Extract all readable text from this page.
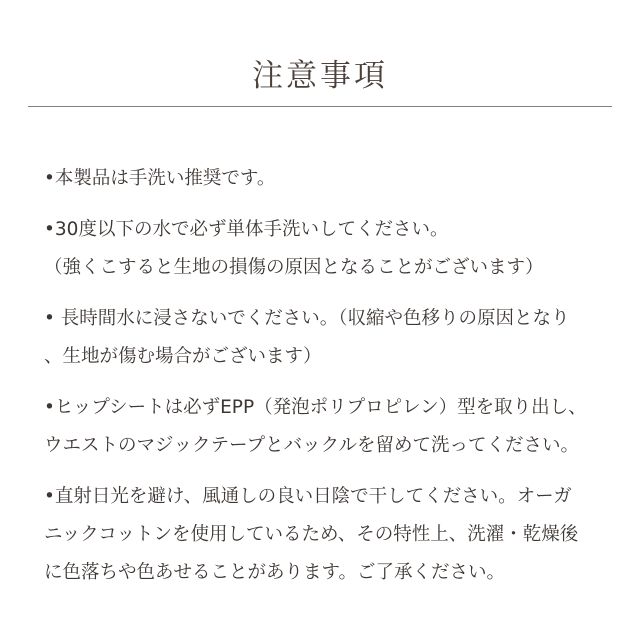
注意事項
•本製品は手洗い推奨です。
•30度以下の水で必ず単体手洗いしてください。
（強くこすると生地の損傷の原因となることがございます）
• 長時間水に浸さないでください。（収縮や色移りの原因となり
、生地が傷む場合がございます）
•ヒップシートは必ずEPP（発泡ポリプロピレン）型を取り出し、
ウエストのマジックテープとバックルを留めて洗ってください。
•直射日光を避け、風通しの良い日陰で干してください。オーガ
ニックコットンを使用しているため、その特性上、洗濯・乾燥後
に色落ちや色あせることがあります。ご了承ください。
